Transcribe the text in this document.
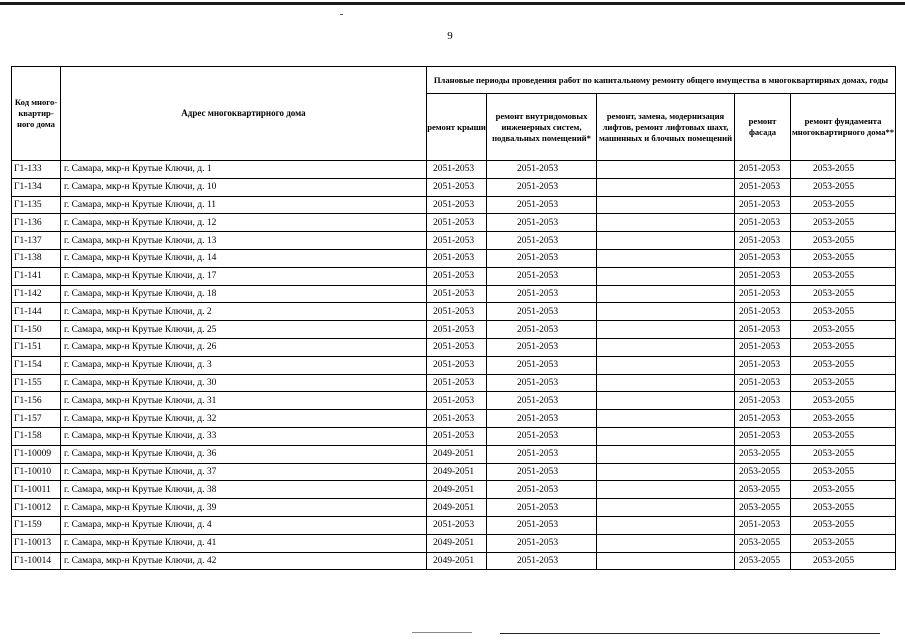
9
Код много-квартир-ного дома	Адрес многоквартирного дома	Плановые периоды проведения работ по капитальному ремонту общего имущества в многоквартирных домах, годы				
		ремонт крыши	ремонт внутридомовых инженерных систем, подвальных помещений*	ремонт, замена, модернизация лифтов, ремонт лифтовых шахт, машинных и блочных помещений	ремонт фасада	ремонт фундамента многоквартирного дома**
Г1-133	г. Самара, мкр-н Крутые Ключи, д. 1	2051-2053	2051-2053		2051-2053	2053-2055
Г1-134	г. Самара, мкр-н Крутые Ключи, д. 10	2051-2053	2051-2053		2051-2053	2053-2055
Г1-135	г. Самара, мкр-н Крутые Ключи, д. 11	2051-2053	2051-2053		2051-2053	2053-2055
Г1-136	г. Самара, мкр-н Крутые Ключи, д. 12	2051-2053	2051-2053		2051-2053	2053-2055
Г1-137	г. Самара, мкр-н Крутые Ключи, д. 13	2051-2053	2051-2053		2051-2053	2053-2055
Г1-138	г. Самара, мкр-н Крутые Ключи, д. 14	2051-2053	2051-2053		2051-2053	2053-2055
Г1-141	г. Самара, мкр-н Крутые Ключи, д. 17	2051-2053	2051-2053		2051-2053	2053-2055
Г1-142	г. Самара, мкр-н Крутые Ключи, д. 18	2051-2053	2051-2053		2051-2053	2053-2055
Г1-144	г. Самара, мкр-н Крутые Ключи, д. 2	2051-2053	2051-2053		2051-2053	2053-2055
Г1-150	г. Самара, мкр-н Крутые Ключи, д. 25	2051-2053	2051-2053		2051-2053	2053-2055
Г1-151	г. Самара, мкр-н Крутые Ключи, д. 26	2051-2053	2051-2053		2051-2053	2053-2055
Г1-154	г. Самара, мкр-н Крутые Ключи, д. 3	2051-2053	2051-2053		2051-2053	2053-2055
Г1-155	г. Самара, мкр-н Крутые Ключи, д. 30	2051-2053	2051-2053		2051-2053	2053-2055
Г1-156	г. Самара, мкр-н Крутые Ключи, д. 31	2051-2053	2051-2053		2051-2053	2053-2055
Г1-157	г. Самара, мкр-н Крутые Ключи, д. 32	2051-2053	2051-2053		2051-2053	2053-2055
Г1-158	г. Самара, мкр-н Крутые Ключи, д. 33	2051-2053	2051-2053		2051-2053	2053-2055
Г1-10009	г. Самара, мкр-н Крутые Ключи, д. 36	2049-2051	2051-2053		2053-2055	2053-2055
Г1-10010	г. Самара, мкр-н Крутые Ключи, д. 37	2049-2051	2051-2053		2053-2055	2053-2055
Г1-10011	г. Самара, мкр-н Крутые Ключи, д. 38	2049-2051	2051-2053		2053-2055	2053-2055
Г1-10012	г. Самара, мкр-н Крутые Ключи, д. 39	2049-2051	2051-2053		2053-2055	2053-2055
Г1-159	г. Самара, мкр-н Крутые Ключи, д. 4	2051-2053	2051-2053		2051-2053	2053-2055
Г1-10013	г. Самара, мкр-н Крутые Ключи, д. 41	2049-2051	2051-2053		2053-2055	2053-2055
Г1-10014	г. Самара, мкр-н Крутые Ключи, д. 42	2049-2051	2051-2053		2053-2055	2053-2055
